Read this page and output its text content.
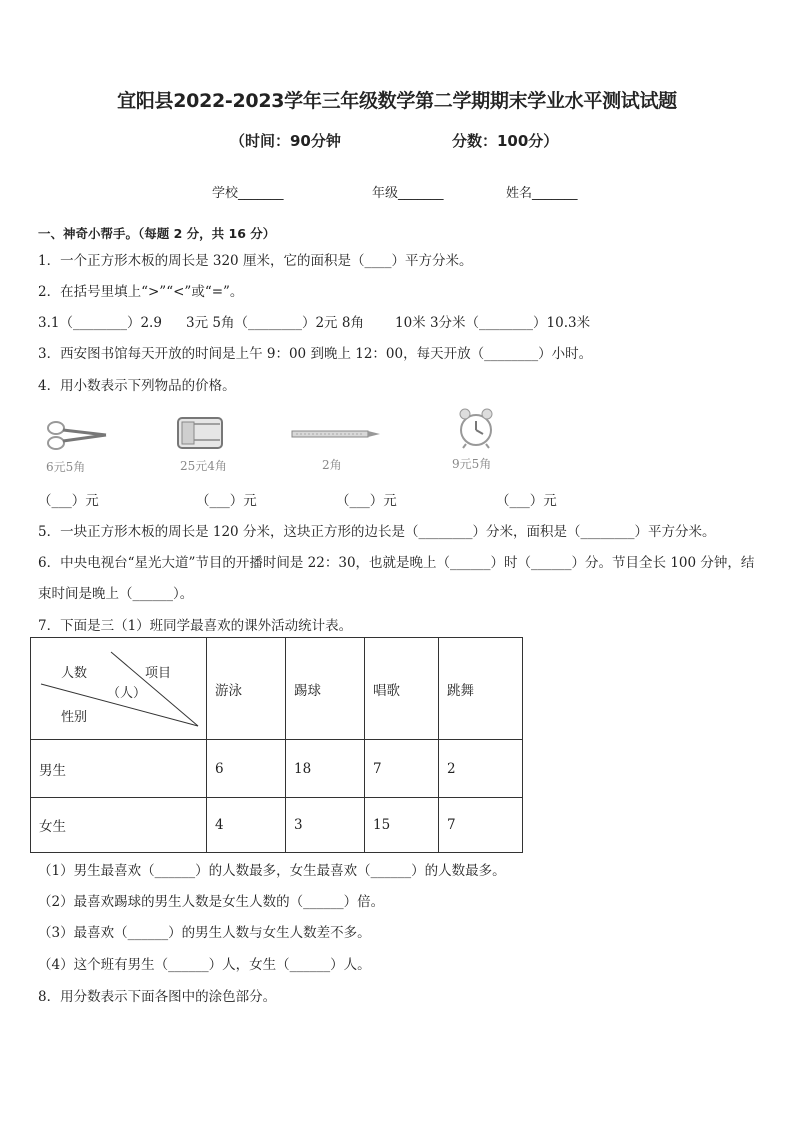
宜阳县2022-2023学年三年级数学第二学期期末学业水平测试试题
（时间：90分钟	分数：100分）
学校_______	年级_______	姓名_______
一、神奇小帮手。（每题 2 分，共 16 分）
1．一个正方形木板的周长是 320 厘米，它的面积是（____）平方分米。
2．在括号里填上“>”“<”或“=”。
3.1（________）2.9 3元 5角（________）2元 8角 10米 3分米（________）10.3米
3．西安图书馆每天开放的时间是上午 9：00 到晚上 12：00，每天开放（________）小时。
4．用小数表示下列物品的价格。
6元5角	25元4角	2角	9元5角
（___）元	（___）元	（___）元	（___）元
5．一块正方形木板的周长是 120 分米，这块正方形的边长是（________）分米，面积是（________）平方分米。
6．中央电视台“星光大道”节目的开播时间是 22：30，也就是晚上（______）时（______）分。节目全长 100 分钟，结
束时间是晚上（______）。
7．下面是三（1）班同学最喜欢的课外活动统计表。
人数 项目
（人）
性别	游泳	踢球	唱歌	跳舞
男生	6	18	7	2
女生	4	3	15	7
（1）男生最喜欢（______）的人数最多，女生最喜欢（______）的人数最多。
（2）最喜欢踢球的男生人数是女生人数的（______）倍。
（3）最喜欢（______）的男生人数与女生人数差不多。
（4）这个班有男生（______）人，女生（______）人。
8．用分数表示下面各图中的涂色部分。
